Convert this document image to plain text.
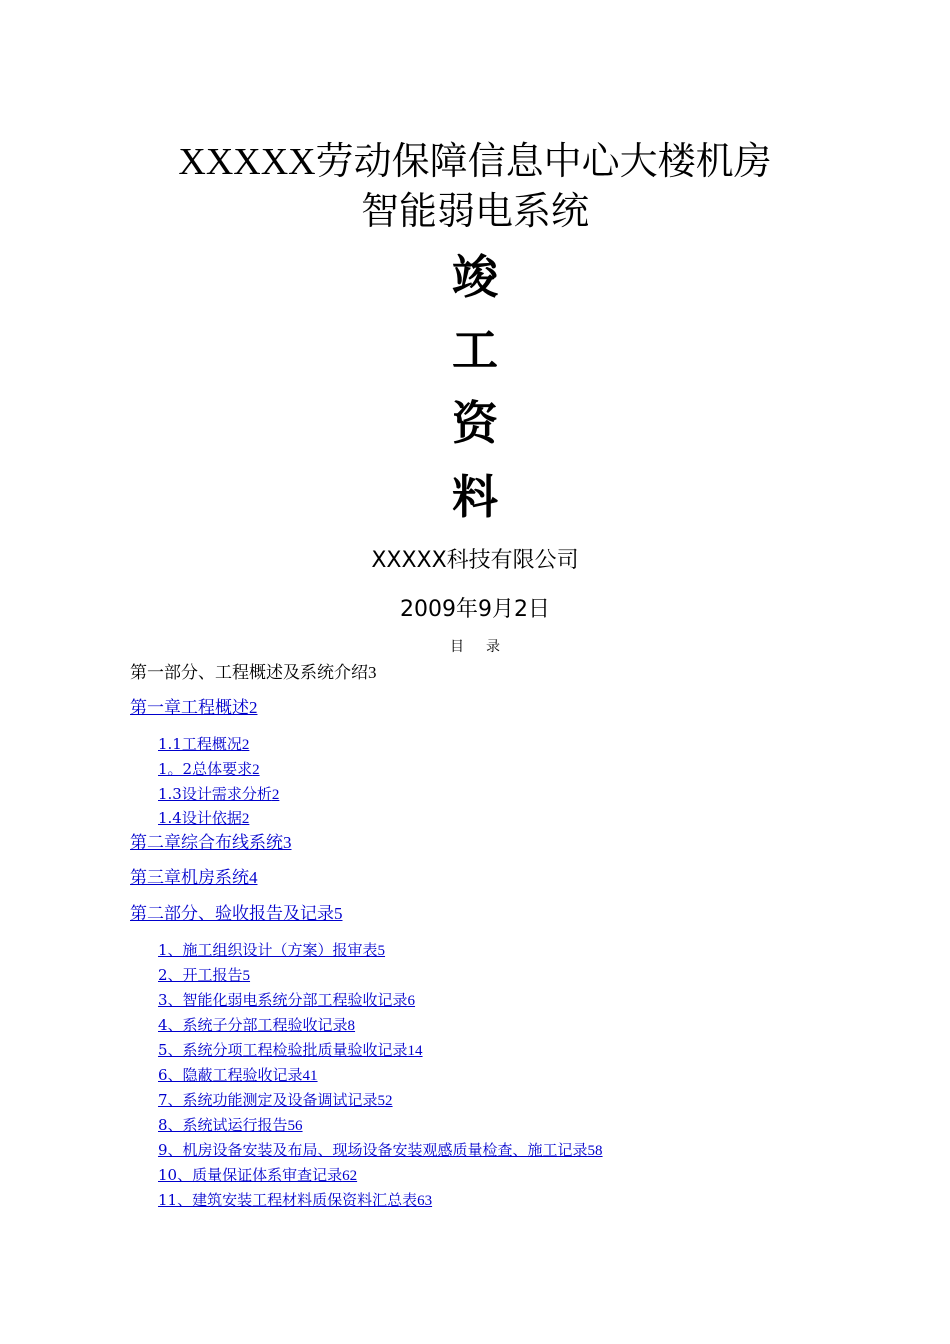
XXXXX劳动保障信息中心大楼机房
智能弱电系统
竣
工
资
料
XXXXX科技有限公司
2009年9月2日
目录
第一部分、工程概述及系统介绍3
第一章工程概述2
1.1工程概况2
1。2总体要求2
1.3设计需求分析2
1.4设计依据2
第二章综合布线系统3
第三章机房系统4
第二部分、验收报告及记录5
1、施工组织设计（方案）报审表5
2、开工报告5
3、智能化弱电系统分部工程验收记录6
4、系统子分部工程验收记录8
5、系统分项工程检验批质量验收记录14
6、隐蔽工程验收记录41
7、系统功能测定及设备调试记录52
8、系统试运行报告56
9、机房设备安装及布局、现场设备安装观感质量检查、施工记录58
10、质量保证体系审查记录62
11、建筑安装工程材料质保资料汇总表63
